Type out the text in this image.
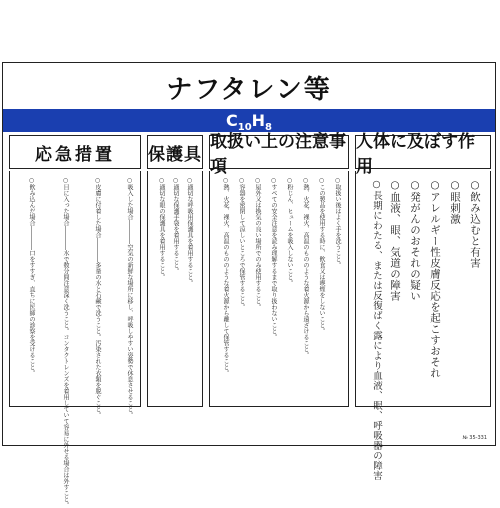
ナフタレン等
$C_{10}H_8$
応急措置	保護具
取扱い上の注意事項
人体に及ぼす作用
○吸入した場合――――空気の新鮮な場所に移し、呼吸しやすい姿勢で休息させること。
○皮膚に付着した場合――――多量の水と石鹸で洗うこと。汚染された衣類を脱ぐこと。
○目に入った場合――――水で数分間注意深く洗うこと。コンタクトレンズを着用していて容易に外せる場合は外すこと。
○飲み込んだ場合――――口をすすぎ、直ちに医師の診察を受けること。	○適切な呼吸用保護具を着用すること。
○適切な保護手袋を着用すること。
○適切な眼の保護具を着用すること。	○取扱い後はよく手を洗うこと。
○この製品を使用する時に、飲食又は喫煙をしないこと。
○熱、火花、裸火、高温のもののような着火源から遠ざけること。
○粉じん、ヒュームを吸入しないこと。
○すべての安全注意を読み理解するまで取り扱わないこと。
○屋外又は換気の良い場所でのみ使用すること。
○容器を密閉して涼しいところで保管すること。
○熱、火花、裸火、高温のもののような着火源から離して保管すること。	○飲み込むと有害
○眼刺激
○アレルギー性皮膚反応を起こすおそれ
○発がんのおそれの疑い
○血液、眼、気道の障害
○長期にわたる、または反復ばく露により血液、眼、呼吸器の障害	№ 35-331
